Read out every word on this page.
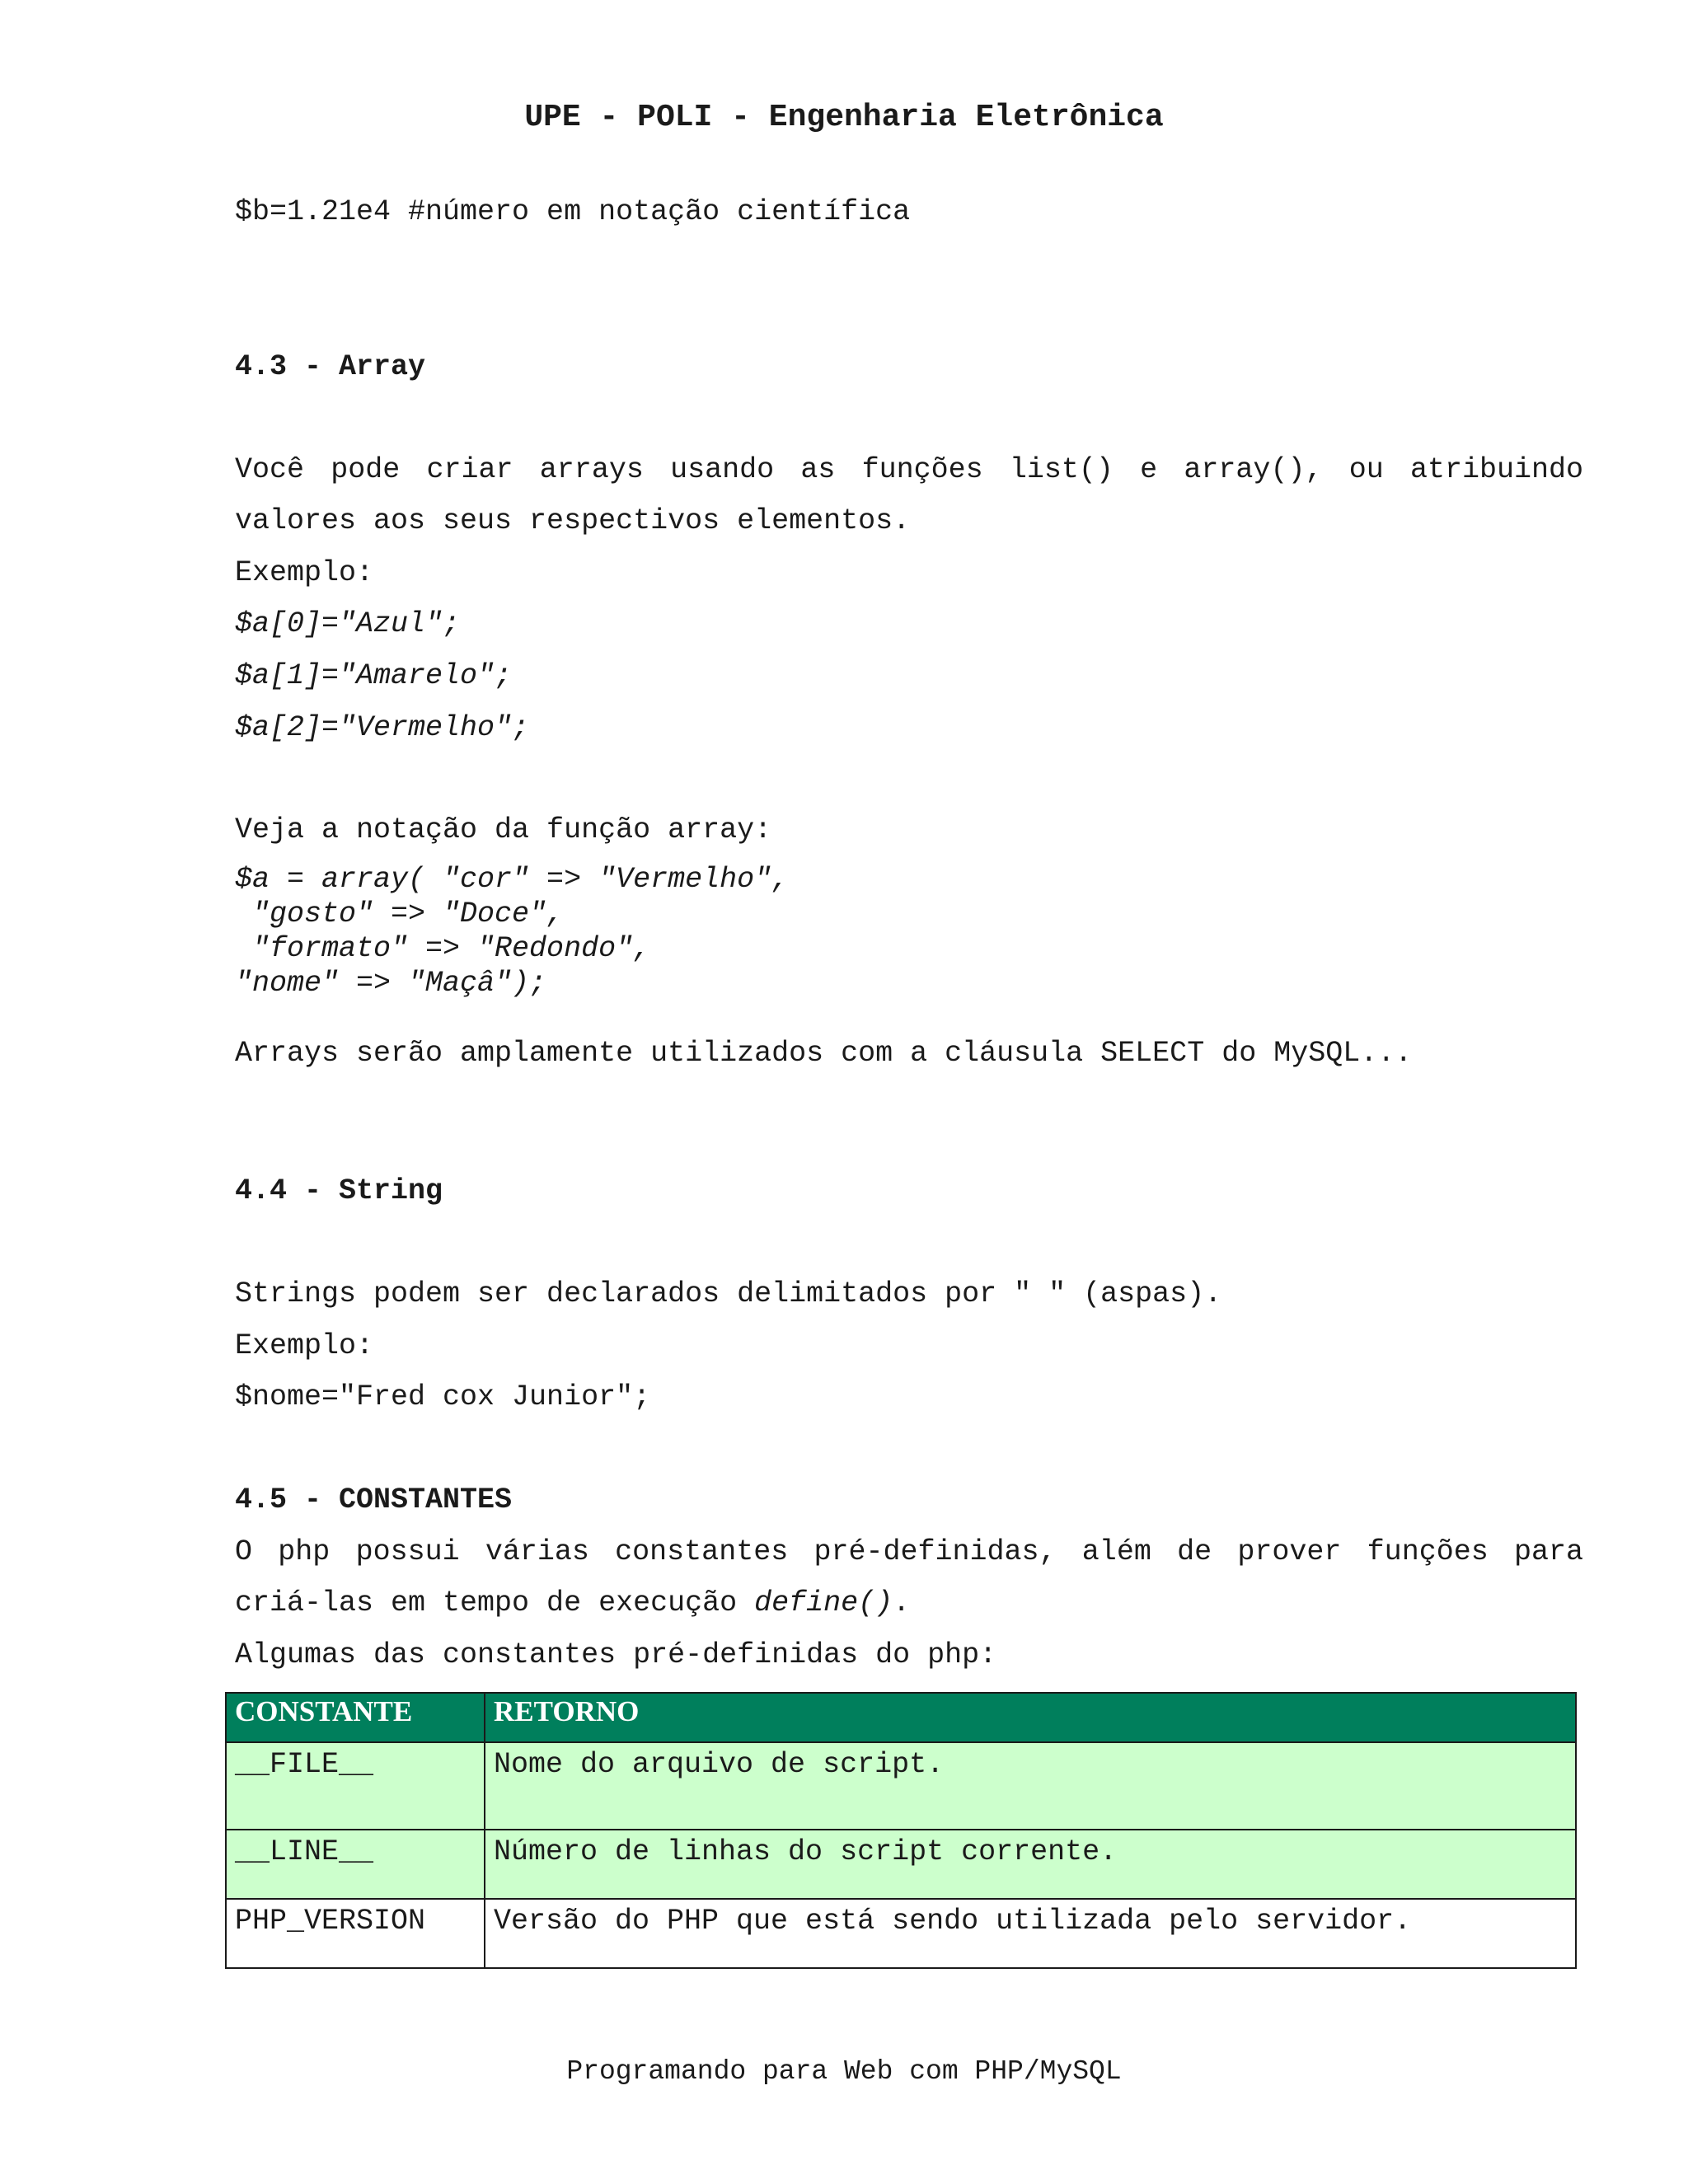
UPE - POLI - Engenharia Eletrônica
$b=1.21e4 #número em notação científica
4.3 - Array
Você pode criar arrays usando as funções list() e array(), ou atribuindo
valores aos seus respectivos elementos.
Exemplo:
$a[0]="Azul";
$a[1]="Amarelo";
$a[2]="Vermelho";
Veja a notação da função array:
$a = array( "cor" => "Vermelho",
"gosto" => "Doce",
"formato" => "Redondo",
"nome" => "Maçâ");
Arrays serão amplamente utilizados com a cláusula SELECT do MySQL...
4.4 - String
Strings podem ser declarados delimitados por " " (aspas).
Exemplo:
$nome="Fred cox Junior";
4.5 - CONSTANTES
O php possui várias constantes pré-definidas, além de prover funções para
criá-las em tempo de execução define().
Algumas das constantes pré-definidas do php:
CONSTANTE	RETORNO
__FILE__	Nome do arquivo de script.
__LINE__	Número de linhas do script corrente.
PHP_VERSION	Versão do PHP que está sendo utilizada pelo servidor.
Programando para Web com PHP/MySQL
